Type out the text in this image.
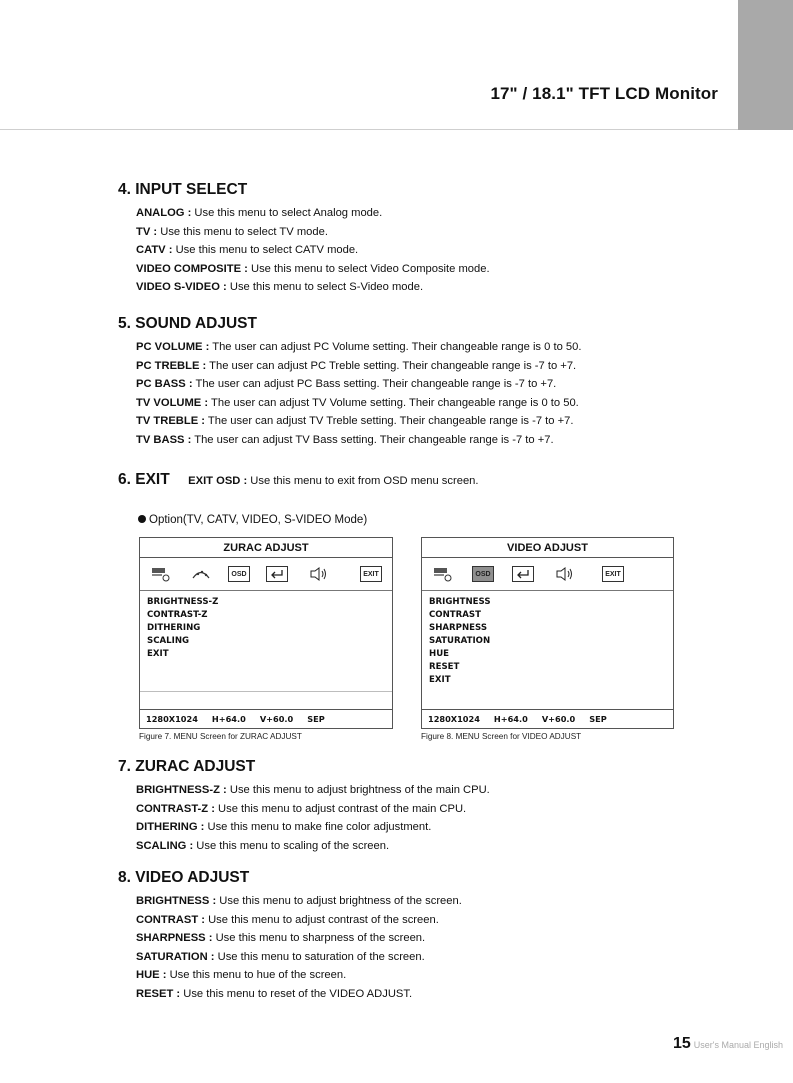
17" / 18.1" TFT LCD Monitor
4. INPUT SELECT
ANALOG : Use this menu to select Analog mode.
TV : Use this menu to select TV mode.
CATV : Use this menu to select CATV mode.
VIDEO COMPOSITE : Use this menu to select Video Composite mode.
VIDEO S-VIDEO : Use this menu to select S-Video mode.
5. SOUND ADJUST
PC VOLUME : The user can adjust PC Volume setting. Their changeable range is 0 to 50.
PC TREBLE : The user can adjust PC Treble setting. Their changeable range is -7 to +7.
PC BASS : The user can adjust PC Bass setting. Their changeable range is -7 to +7.
TV VOLUME : The user can adjust TV Volume setting. Their changeable range is 0 to 50.
TV TREBLE : The user can adjust TV Treble setting. Their changeable range is -7 to +7.
TV BASS : The user can adjust TV Bass setting. Their changeable range is -7 to +7.
6. EXIT EXIT OSD : Use this menu to exit from OSD menu screen.
Option(TV, CATV, VIDEO, S-VIDEO Mode)
ZURAC ADJUST
OSD	EXIT
BRIGHTNESS-Z
CONTRAST-Z
DITHERING
SCALING
EXIT
1280X1024 H+64.0 V+60.0 SEP
Figure 7. MENU Screen for ZURAC ADJUST
VIDEO ADJUST
OSD	EXIT
BRIGHTNESS
CONTRAST
SHARPNESS
SATURATION
HUE
RESET
EXIT
1280X1024 H+64.0 V+60.0 SEP
Figure 8. MENU Screen for VIDEO ADJUST
7. ZURAC ADJUST
BRIGHTNESS-Z : Use this menu to adjust brightness of the main CPU.
CONTRAST-Z : Use this menu to adjust contrast of the main CPU.
DITHERING : Use this menu to make fine color adjustment.
SCALING : Use this menu to scaling of the screen.
8. VIDEO ADJUST
BRIGHTNESS : Use this menu to adjust brightness of the screen.
CONTRAST : Use this menu to adjust contrast of the screen.
SHARPNESS : Use this menu to sharpness of the screen.
SATURATION : Use this menu to saturation of the screen.
HUE : Use this menu to hue of the screen.
RESET : Use this menu to reset of the VIDEO ADJUST.
15 User's Manual English
